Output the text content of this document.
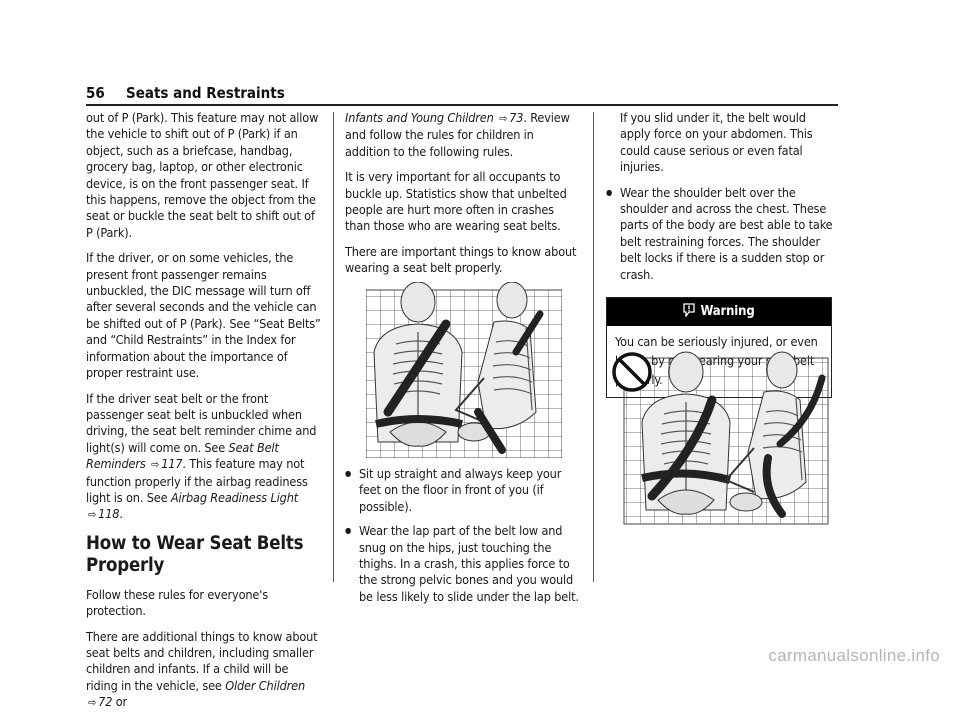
56 Seats and Restraints

out of P (Park). This feature may not allow the vehicle to shift out of P (Park) if an object, such as a briefcase, handbag, grocery bag, laptop, or other electronic device, is on the front passenger seat. If this happens, remove the object from the seat or buckle the seat belt to shift out of P (Park).

If the driver, or on some vehicles, the present front passenger remains unbuckled, the DIC message will turn off after several seconds and the vehicle can be shifted out of P (Park). See “Seat Belts” and “Child Restraints” in the Index for information about the importance of proper restraint use.

If the driver seat belt or the front passenger seat belt is unbuckled when driving, the seat belt reminder chime and light(s) will come on. See Seat Belt Reminders ⇨ 117. This feature may not function properly if the airbag readiness light is on. See Airbag Readiness Light ⇨ 118.

How to Wear Seat Belts Properly

Follow these rules for everyone's protection.

There are additional things to know about seat belts and children, including smaller children and infants. If a child will be riding in the vehicle, see Older Children ⇨ 72 or

Infants and Young Children ⇨ 73. Review and follow the rules for children in addition to the following rules.

It is very important for all occupants to buckle up. Statistics show that unbelted people are hurt more often in crashes than those who are wearing seat belts.

There are important things to know about wearing a seat belt properly.

● Sit up straight and always keep your feet on the floor in front of you (if possible).
● Wear the lap part of the belt low and snug on the hips, just touching the thighs. In a crash, this applies force to the strong pelvic bones and you would be less likely to slide under the lap belt.

If you slid under it, the belt would apply force on your abdomen. This could cause serious or even fatal injuries.

● Wear the shoulder belt over the shoulder and across the chest. These parts of the body are best able to take belt restraining forces. The shoulder belt locks if there is a sudden stop or crash.
Warning
You can be seriously injured, or even
carmanualsonline.info
